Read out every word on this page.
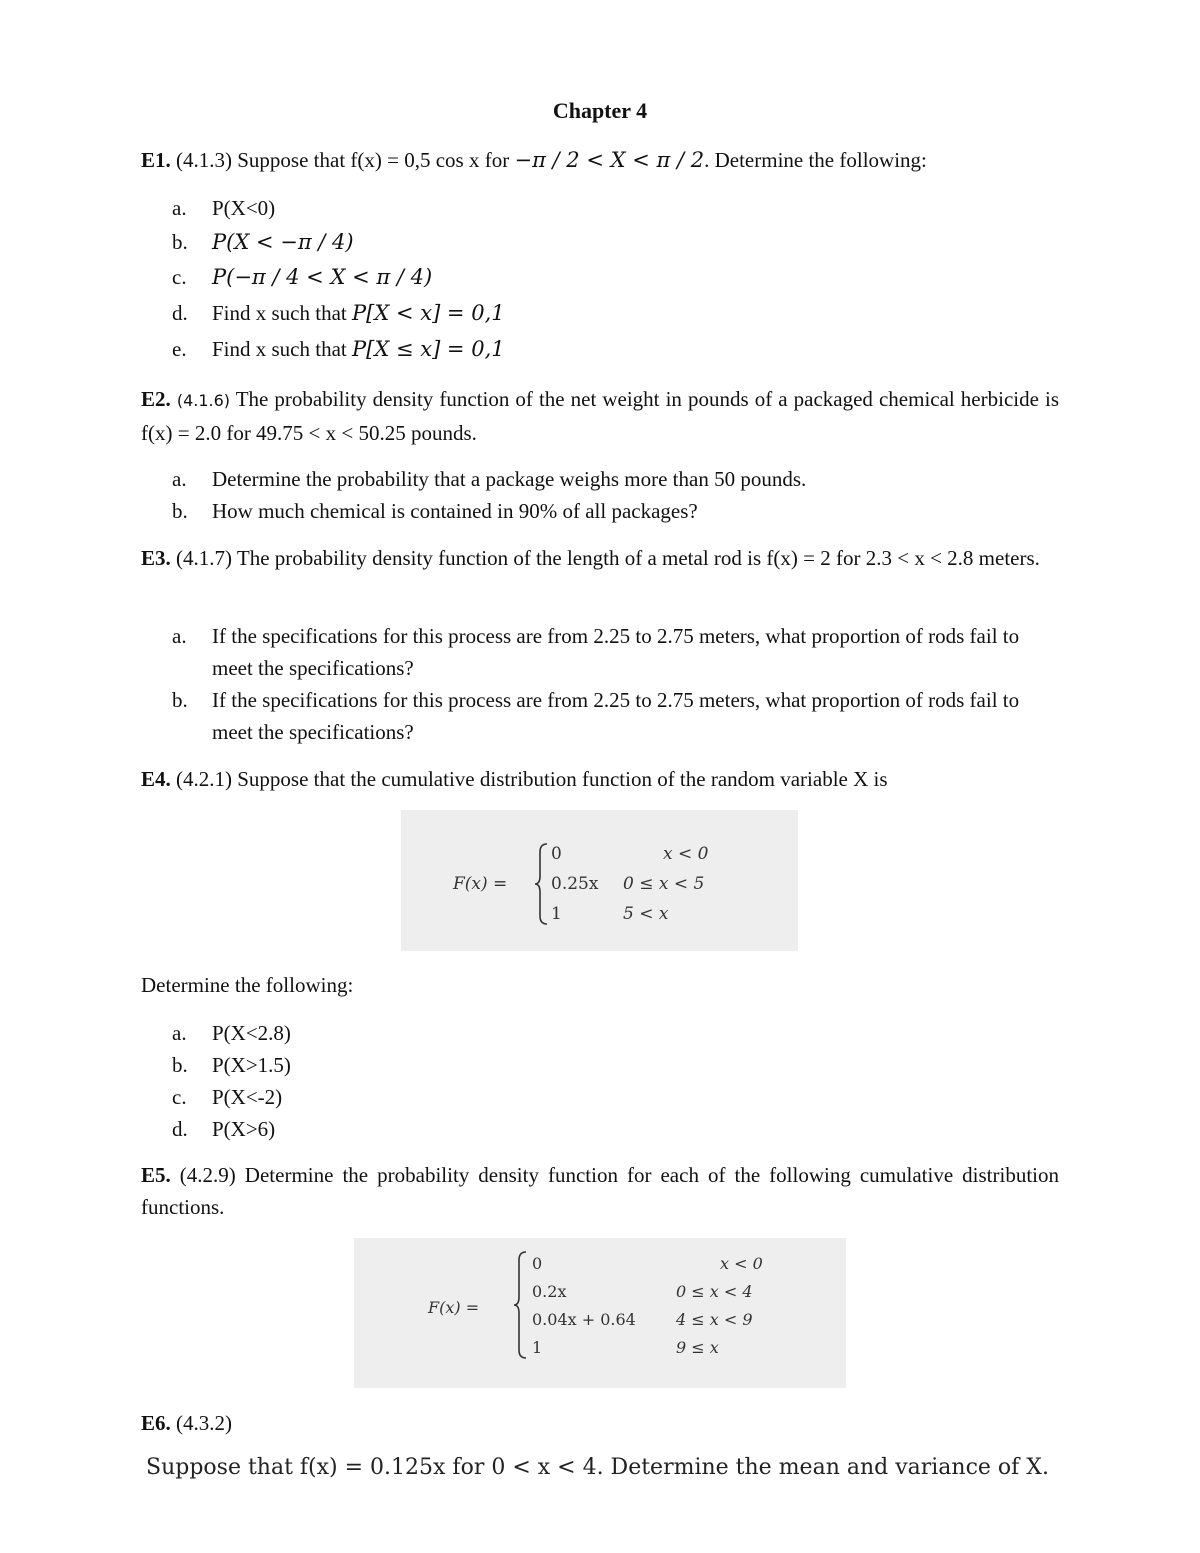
Chapter 4
E1. (4.1.3) Suppose that f(x) = 0,5 cos x for −π / 2 < X < π / 2. Determine the following:
a. P(X<0)
b. P(X < −π / 4)
c. P(−π / 4 < X < π / 4)
d. Find x such that P[X < x] = 0,1
e. Find x such that P[X ≤ x] = 0,1
E2. (4.1.6) The probability density function of the net weight in pounds of a packaged chemical herbicide is f(x) = 2.0 for 49.75 < x < 50.25 pounds.
a. Determine the probability that a package weighs more than 50 pounds.
b. How much chemical is contained in 90% of all packages?
E3. (4.1.7) The probability density function of the length of a metal rod is f(x) = 2 for 2.3 < x < 2.8 meters.
a. If the specifications for this process are from 2.25 to 2.75 meters, what proportion of rods fail to meet the specifications?
b. If the specifications for this process are from 2.25 to 2.75 meters, what proportion of rods fail to meet the specifications?
E4. (4.2.1) Suppose that the cumulative distribution function of the random variable X is
F(x) =
0	x < 0
0.25x 0 ≤ x < 5
1	5 < x
Determine the following:
a. P(X<2.8)
b. P(X>1.5)
c. P(X<-2)
d. P(X>6)
E5. (4.2.9) Determine the probability density function for each of the following cumulative distribution functions.
F(x) =
0	x < 0
0.2x	0 ≤ x < 4
0.04x + 0.64	4 ≤ x < 9
1	9 ≤ x
E6. (4.3.2)
Suppose that f(x) = 0.125x for 0 < x < 4. Determine the mean and variance of X.
